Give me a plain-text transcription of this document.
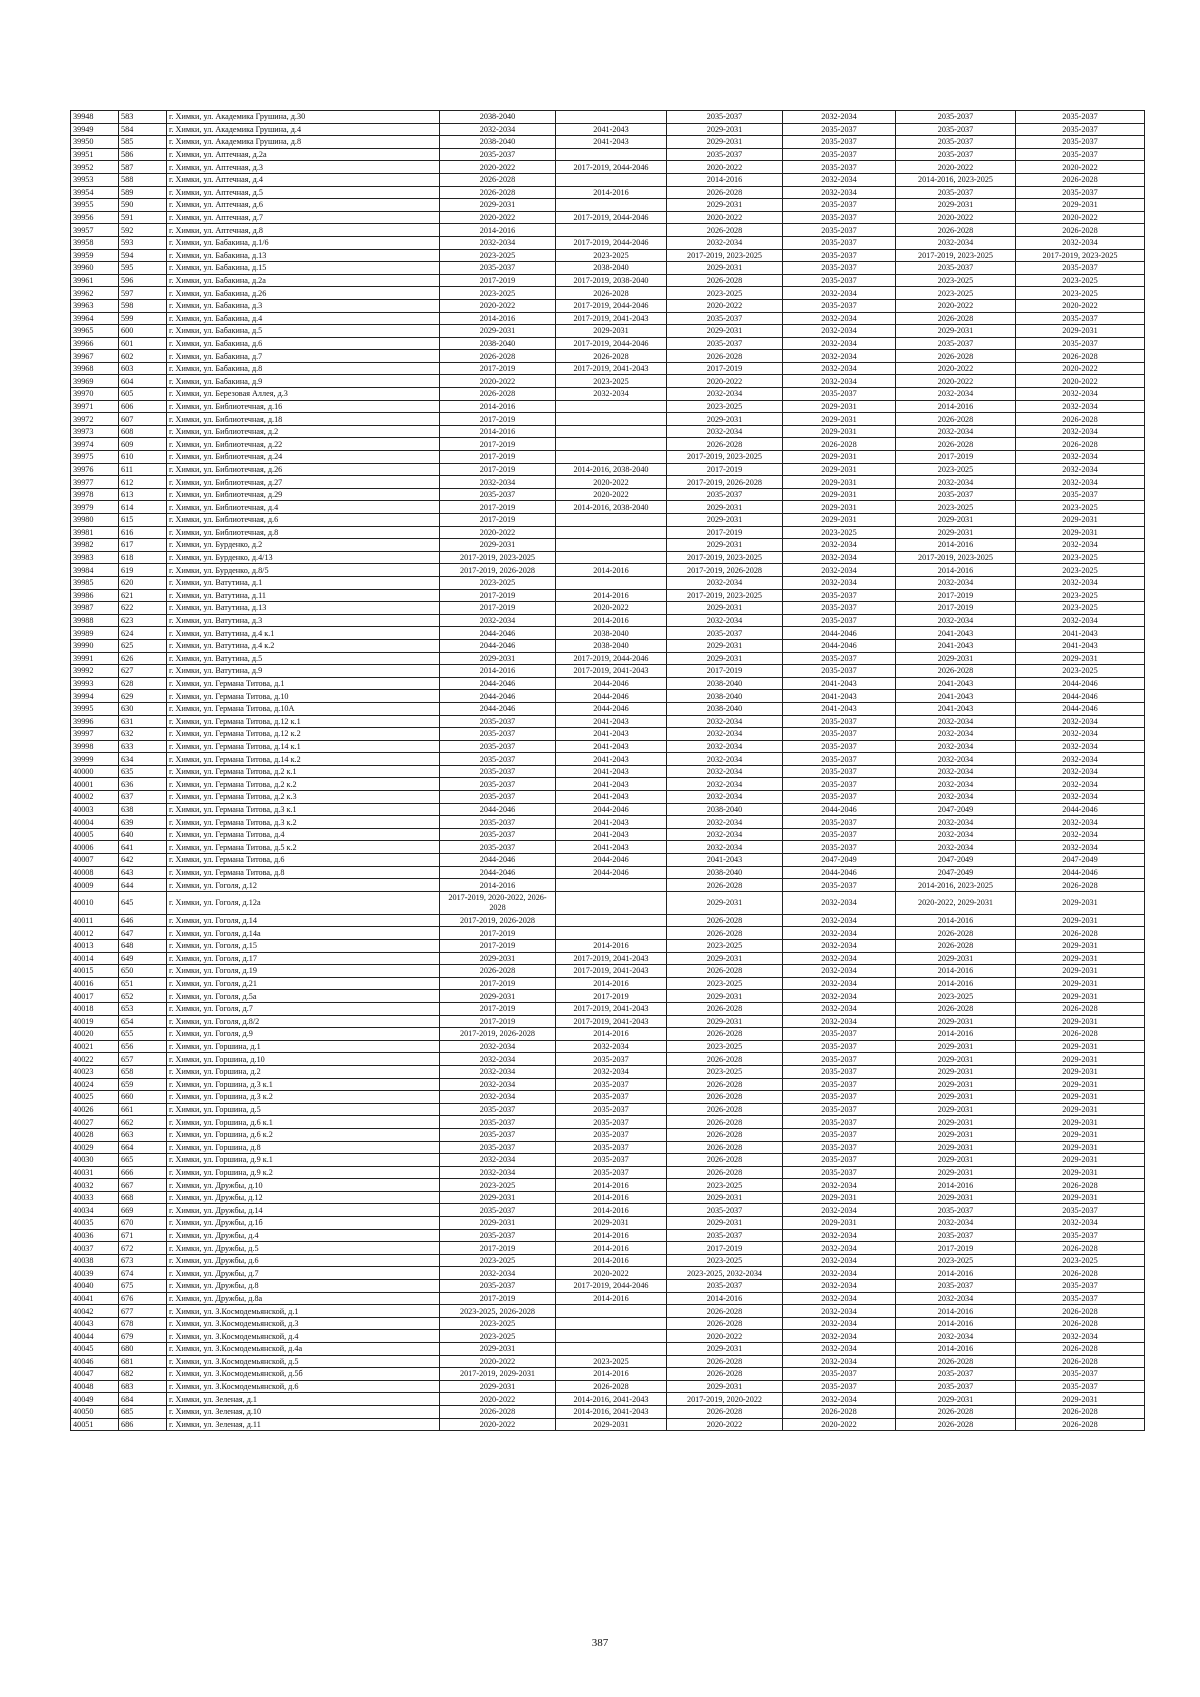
39948	583	г. Химки, ул. Академика Грушина, д.30	2038-2040		2035-2037	2032-2034	2035-2037	2035-2037
39949	584	г. Химки, ул. Академика Грушина, д.4	2032-2034	2041-2043	2029-2031	2035-2037	2035-2037	2035-2037
39950	585	г. Химки, ул. Академика Грушина, д.8	2038-2040	2041-2043	2029-2031	2035-2037	2035-2037	2035-2037
39951	586	г. Химки, ул. Аптечная, д.2а	2035-2037		2035-2037	2035-2037	2035-2037	2035-2037
39952	587	г. Химки, ул. Аптечная, д.3	2020-2022	2017-2019, 2044-2046	2020-2022	2035-2037	2020-2022	2020-2022
39953	588	г. Химки, ул. Аптечная, д.4	2026-2028		2014-2016	2032-2034	2014-2016, 2023-2025	2026-2028
39954	589	г. Химки, ул. Аптечная, д.5	2026-2028	2014-2016	2026-2028	2032-2034	2035-2037	2035-2037
39955	590	г. Химки, ул. Аптечная, д.6	2029-2031		2029-2031	2035-2037	2029-2031	2029-2031
39956	591	г. Химки, ул. Аптечная, д.7	2020-2022	2017-2019, 2044-2046	2020-2022	2035-2037	2020-2022	2020-2022
39957	592	г. Химки, ул. Аптечная, д.8	2014-2016		2026-2028	2035-2037	2026-2028	2026-2028
39958	593	г. Химки, ул. Бабакина, д.1/6	2032-2034	2017-2019, 2044-2046	2032-2034	2035-2037	2032-2034	2032-2034
39959	594	г. Химки, ул. Бабакина, д.13	2023-2025	2023-2025	2017-2019, 2023-2025	2035-2037	2017-2019, 2023-2025	2017-2019, 2023-2025
39960	595	г. Химки, ул. Бабакина, д.15	2035-2037	2038-2040	2029-2031	2035-2037	2035-2037	2035-2037
39961	596	г. Химки, ул. Бабакина, д.2а	2017-2019	2017-2019, 2038-2040	2026-2028	2035-2037	2023-2025	2023-2025
39962	597	г. Химки, ул. Бабакина, д.26	2023-2025	2026-2028	2023-2025	2032-2034	2023-2025	2023-2025
39963	598	г. Химки, ул. Бабакина, д.3	2020-2022	2017-2019, 2044-2046	2020-2022	2035-2037	2020-2022	2020-2022
39964	599	г. Химки, ул. Бабакина, д.4	2014-2016	2017-2019, 2041-2043	2035-2037	2032-2034	2026-2028	2035-2037
39965	600	г. Химки, ул. Бабакина, д.5	2029-2031	2029-2031	2029-2031	2032-2034	2029-2031	2029-2031
39966	601	г. Химки, ул. Бабакина, д.6	2038-2040	2017-2019, 2044-2046	2035-2037	2032-2034	2035-2037	2035-2037
39967	602	г. Химки, ул. Бабакина, д.7	2026-2028	2026-2028	2026-2028	2032-2034	2026-2028	2026-2028
39968	603	г. Химки, ул. Бабакина, д.8	2017-2019	2017-2019, 2041-2043	2017-2019	2032-2034	2020-2022	2020-2022
39969	604	г. Химки, ул. Бабакина, д.9	2020-2022	2023-2025	2020-2022	2032-2034	2020-2022	2020-2022
39970	605	г. Химки, ул. Березовая Аллея, д.3	2026-2028	2032-2034	2032-2034	2035-2037	2032-2034	2032-2034
39971	606	г. Химки, ул. Библиотечная, д.16	2014-2016		2023-2025	2029-2031	2014-2016	2032-2034
39972	607	г. Химки, ул. Библиотечная, д.18	2017-2019		2029-2031	2029-2031	2026-2028	2026-2028
39973	608	г. Химки, ул. Библиотечная, д.2	2014-2016		2032-2034	2029-2031	2032-2034	2032-2034
39974	609	г. Химки, ул. Библиотечная, д.22	2017-2019		2026-2028	2026-2028	2026-2028	2026-2028
39975	610	г. Химки, ул. Библиотечная, д.24	2017-2019		2017-2019, 2023-2025	2029-2031	2017-2019	2032-2034
39976	611	г. Химки, ул. Библиотечная, д.26	2017-2019	2014-2016, 2038-2040	2017-2019	2029-2031	2023-2025	2032-2034
39977	612	г. Химки, ул. Библиотечная, д.27	2032-2034	2020-2022	2017-2019, 2026-2028	2029-2031	2032-2034	2032-2034
39978	613	г. Химки, ул. Библиотечная, д.29	2035-2037	2020-2022	2035-2037	2029-2031	2035-2037	2035-2037
39979	614	г. Химки, ул. Библиотечная, д.4	2017-2019	2014-2016, 2038-2040	2029-2031	2029-2031	2023-2025	2023-2025
39980	615	г. Химки, ул. Библиотечная, д.6	2017-2019		2029-2031	2029-2031	2029-2031	2029-2031
39981	616	г. Химки, ул. Библиотечная, д.8	2020-2022		2017-2019	2023-2025	2029-2031	2029-2031
39982	617	г. Химки, ул. Бурденко, д.2	2029-2031		2029-2031	2032-2034	2014-2016	2032-2034
39983	618	г. Химки, ул. Бурденко, д.4/13	2017-2019, 2023-2025		2017-2019, 2023-2025	2032-2034	2017-2019, 2023-2025	2023-2025
39984	619	г. Химки, ул. Бурденко, д.8/5	2017-2019, 2026-2028	2014-2016	2017-2019, 2026-2028	2032-2034	2014-2016	2023-2025
39985	620	г. Химки, ул. Ватутина, д.1	2023-2025		2032-2034	2032-2034	2032-2034	2032-2034
39986	621	г. Химки, ул. Ватутина, д.11	2017-2019	2014-2016	2017-2019, 2023-2025	2035-2037	2017-2019	2023-2025
39987	622	г. Химки, ул. Ватутина, д.13	2017-2019	2020-2022	2029-2031	2035-2037	2017-2019	2023-2025
39988	623	г. Химки, ул. Ватутина, д.3	2032-2034	2014-2016	2032-2034	2035-2037	2032-2034	2032-2034
39989	624	г. Химки, ул. Ватутина, д.4 к.1	2044-2046	2038-2040	2035-2037	2044-2046	2041-2043	2041-2043
39990	625	г. Химки, ул. Ватутина, д.4 к.2	2044-2046	2038-2040	2029-2031	2044-2046	2041-2043	2041-2043
39991	626	г. Химки, ул. Ватутина, д.5	2029-2031	2017-2019, 2044-2046	2029-2031	2035-2037	2029-2031	2029-2031
39992	627	г. Химки, ул. Ватутина, д.9	2014-2016	2017-2019, 2041-2043	2017-2019	2035-2037	2026-2028	2023-2025
39993	628	г. Химки, ул. Германа Титова, д.1	2044-2046	2044-2046	2038-2040	2041-2043	2041-2043	2044-2046
39994	629	г. Химки, ул. Германа Титова, д.10	2044-2046	2044-2046	2038-2040	2041-2043	2041-2043	2044-2046
39995	630	г. Химки, ул. Германа Титова, д.10А	2044-2046	2044-2046	2038-2040	2041-2043	2041-2043	2044-2046
39996	631	г. Химки, ул. Германа Титова, д.12 к.1	2035-2037	2041-2043	2032-2034	2035-2037	2032-2034	2032-2034
39997	632	г. Химки, ул. Германа Титова, д.12 к.2	2035-2037	2041-2043	2032-2034	2035-2037	2032-2034	2032-2034
39998	633	г. Химки, ул. Германа Титова, д.14 к.1	2035-2037	2041-2043	2032-2034	2035-2037	2032-2034	2032-2034
39999	634	г. Химки, ул. Германа Титова, д.14 к.2	2035-2037	2041-2043	2032-2034	2035-2037	2032-2034	2032-2034
40000	635	г. Химки, ул. Германа Титова, д.2 к.1	2035-2037	2041-2043	2032-2034	2035-2037	2032-2034	2032-2034
40001	636	г. Химки, ул. Германа Титова, д.2 к.2	2035-2037	2041-2043	2032-2034	2035-2037	2032-2034	2032-2034
40002	637	г. Химки, ул. Германа Титова, д.2 к.3	2035-2037	2041-2043	2032-2034	2035-2037	2032-2034	2032-2034
40003	638	г. Химки, ул. Германа Титова, д.3 к.1	2044-2046	2044-2046	2038-2040	2044-2046	2047-2049	2044-2046
40004	639	г. Химки, ул. Германа Титова, д.3 к.2	2035-2037	2041-2043	2032-2034	2035-2037	2032-2034	2032-2034
40005	640	г. Химки, ул. Германа Титова, д.4	2035-2037	2041-2043	2032-2034	2035-2037	2032-2034	2032-2034
40006	641	г. Химки, ул. Германа Титова, д.5 к.2	2035-2037	2041-2043	2032-2034	2035-2037	2032-2034	2032-2034
40007	642	г. Химки, ул. Германа Титова, д.6	2044-2046	2044-2046	2041-2043	2047-2049	2047-2049	2047-2049
40008	643	г. Химки, ул. Германа Титова, д.8	2044-2046	2044-2046	2038-2040	2044-2046	2047-2049	2044-2046
40009	644	г. Химки, ул. Гоголя, д.12	2014-2016		2026-2028	2035-2037	2014-2016, 2023-2025	2026-2028
40010	645	г. Химки, ул. Гоголя, д.12а	2017-2019, 2020-2022, 2026-2028		2029-2031	2032-2034	2020-2022, 2029-2031	2029-2031
40011	646	г. Химки, ул. Гоголя, д.14	2017-2019, 2026-2028		2026-2028	2032-2034	2014-2016	2029-2031
40012	647	г. Химки, ул. Гоголя, д.14а	2017-2019		2026-2028	2032-2034	2026-2028	2026-2028
40013	648	г. Химки, ул. Гоголя, д.15	2017-2019	2014-2016	2023-2025	2032-2034	2026-2028	2029-2031
40014	649	г. Химки, ул. Гоголя, д.17	2029-2031	2017-2019, 2041-2043	2029-2031	2032-2034	2029-2031	2029-2031
40015	650	г. Химки, ул. Гоголя, д.19	2026-2028	2017-2019, 2041-2043	2026-2028	2032-2034	2014-2016	2029-2031
40016	651	г. Химки, ул. Гоголя, д.21	2017-2019	2014-2016	2023-2025	2032-2034	2014-2016	2029-2031
40017	652	г. Химки, ул. Гоголя, д.5а	2029-2031	2017-2019	2029-2031	2032-2034	2023-2025	2029-2031
40018	653	г. Химки, ул. Гоголя, д.7	2017-2019	2017-2019, 2041-2043	2026-2028	2032-2034	2026-2028	2026-2028
40019	654	г. Химки, ул. Гоголя, д.8/2	2017-2019	2017-2019, 2041-2043	2029-2031	2032-2034	2029-2031	2029-2031
40020	655	г. Химки, ул. Гоголя, д.9	2017-2019, 2026-2028	2014-2016	2026-2028	2035-2037	2014-2016	2026-2028
40021	656	г. Химки, ул. Горшина, д.1	2032-2034	2032-2034	2023-2025	2035-2037	2029-2031	2029-2031
40022	657	г. Химки, ул. Горшина, д.10	2032-2034	2035-2037	2026-2028	2035-2037	2029-2031	2029-2031
40023	658	г. Химки, ул. Горшина, д.2	2032-2034	2032-2034	2023-2025	2035-2037	2029-2031	2029-2031
40024	659	г. Химки, ул. Горшина, д.3 к.1	2032-2034	2035-2037	2026-2028	2035-2037	2029-2031	2029-2031
40025	660	г. Химки, ул. Горшина, д.3 к.2	2032-2034	2035-2037	2026-2028	2035-2037	2029-2031	2029-2031
40026	661	г. Химки, ул. Горшина, д.5	2035-2037	2035-2037	2026-2028	2035-2037	2029-2031	2029-2031
40027	662	г. Химки, ул. Горшина, д.6 к.1	2035-2037	2035-2037	2026-2028	2035-2037	2029-2031	2029-2031
40028	663	г. Химки, ул. Горшина, д.6 к.2	2035-2037	2035-2037	2026-2028	2035-2037	2029-2031	2029-2031
40029	664	г. Химки, ул. Горшина, д.8	2035-2037	2035-2037	2026-2028	2035-2037	2029-2031	2029-2031
40030	665	г. Химки, ул. Горшина, д.9 к.1	2032-2034	2035-2037	2026-2028	2035-2037	2029-2031	2029-2031
40031	666	г. Химки, ул. Горшина, д.9 к.2	2032-2034	2035-2037	2026-2028	2035-2037	2029-2031	2029-2031
40032	667	г. Химки, ул. Дружбы, д.10	2023-2025	2014-2016	2023-2025	2032-2034	2014-2016	2026-2028
40033	668	г. Химки, ул. Дружбы, д.12	2029-2031	2014-2016	2029-2031	2029-2031	2029-2031	2029-2031
40034	669	г. Химки, ул. Дружбы, д.14	2035-2037	2014-2016	2035-2037	2032-2034	2035-2037	2035-2037
40035	670	г. Химки, ул. Дружбы, д.1б	2029-2031	2029-2031	2029-2031	2029-2031	2032-2034	2032-2034
40036	671	г. Химки, ул. Дружбы, д.4	2035-2037	2014-2016	2035-2037	2032-2034	2035-2037	2035-2037
40037	672	г. Химки, ул. Дружбы, д.5	2017-2019	2014-2016	2017-2019	2032-2034	2017-2019	2026-2028
40038	673	г. Химки, ул. Дружбы, д.6	2023-2025	2014-2016	2023-2025	2032-2034	2023-2025	2023-2025
40039	674	г. Химки, ул. Дружбы, д.7	2032-2034	2020-2022	2023-2025, 2032-2034	2032-2034	2014-2016	2026-2028
40040	675	г. Химки, ул. Дружбы, д.8	2035-2037	2017-2019, 2044-2046	2035-2037	2032-2034	2035-2037	2035-2037
40041	676	г. Химки, ул. Дружбы, д.8а	2017-2019	2014-2016	2014-2016	2032-2034	2032-2034	2035-2037
40042	677	г. Химки, ул. З.Космодемьянской, д.1	2023-2025, 2026-2028		2026-2028	2032-2034	2014-2016	2026-2028
40043	678	г. Химки, ул. З.Космодемьянской, д.3	2023-2025		2026-2028	2032-2034	2014-2016	2026-2028
40044	679	г. Химки, ул. З.Космодемьянской, д.4	2023-2025		2020-2022	2032-2034	2032-2034	2032-2034
40045	680	г. Химки, ул. З.Космодемьянской, д.4а	2029-2031		2029-2031	2032-2034	2014-2016	2026-2028
40046	681	г. Химки, ул. З.Космодемьянской, д.5	2020-2022	2023-2025	2026-2028	2032-2034	2026-2028	2026-2028
40047	682	г. Химки, ул. З.Космодемьянской, д.5б	2017-2019, 2029-2031	2014-2016	2026-2028	2035-2037	2035-2037	2035-2037
40048	683	г. Химки, ул. З.Космодемьянской, д.6	2029-2031	2026-2028	2029-2031	2035-2037	2035-2037	2035-2037
40049	684	г. Химки, ул. Зеленая, д.1	2020-2022	2014-2016, 2041-2043	2017-2019, 2020-2022	2032-2034	2029-2031	2029-2031
40050	685	г. Химки, ул. Зеленая, д.10	2026-2028	2014-2016, 2041-2043	2026-2028	2026-2028	2026-2028	2026-2028
40051	686	г. Химки, ул. Зеленая, д.11	2020-2022	2029-2031	2020-2022	2020-2022	2026-2028	2026-2028
387
